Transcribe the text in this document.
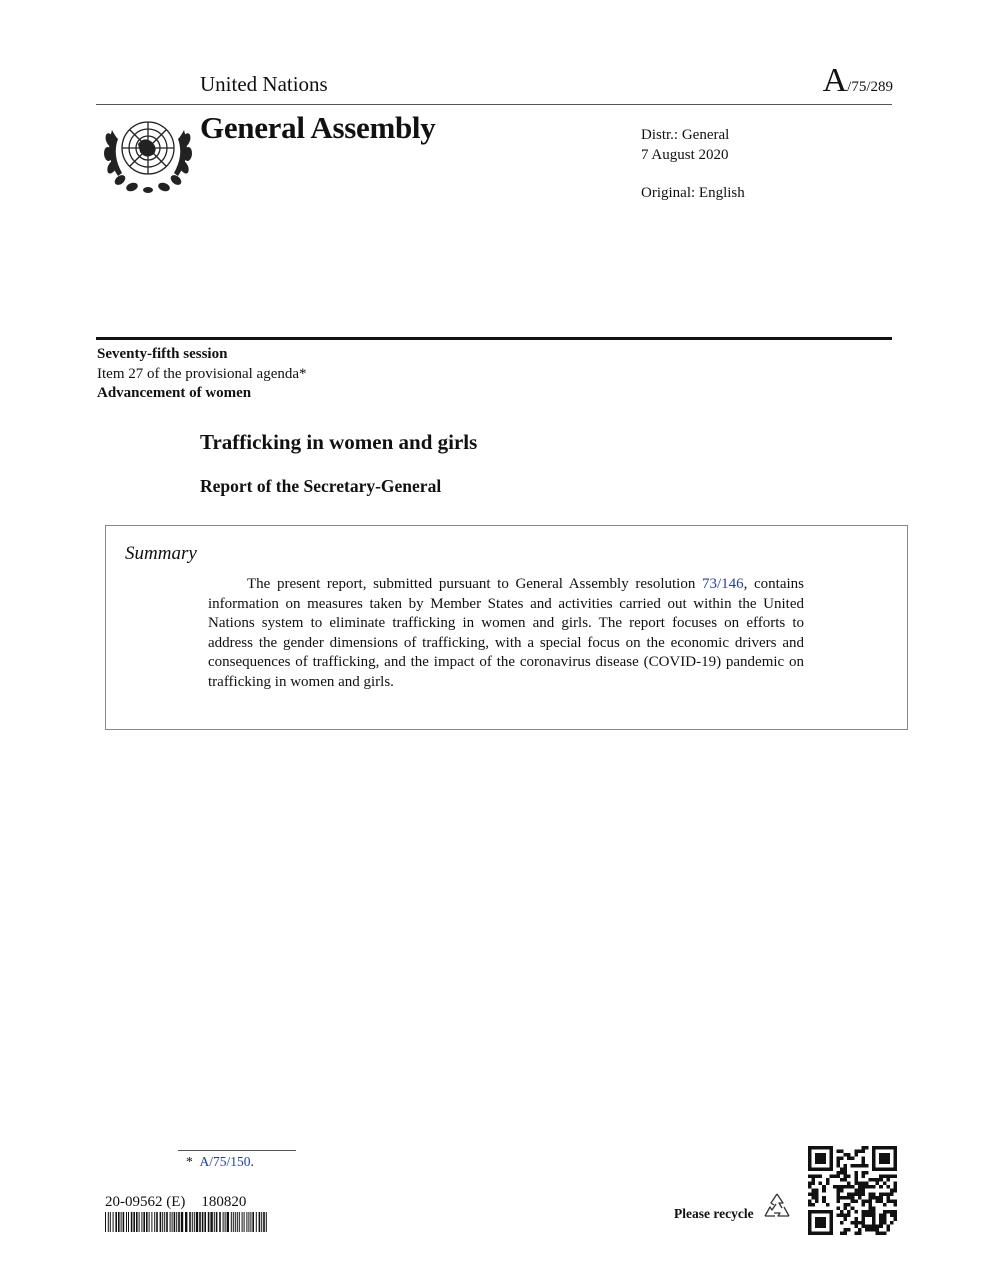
United Nations	A/75/289
General Assembly	Distr.: General
7 August 2020
Original: English
Seventy-fifth session
Item 27 of the provisional agenda*
Advancement of women
Trafficking in women and girls
Report of the Secretary-General
Summary
The present report, submitted pursuant to General Assembly resolution 73/146, contains information on measures taken by Member States and activities carried out within the United Nations system to eliminate trafficking in women and girls. The report focuses on efforts to address the gender dimensions of trafficking, with a special focus on the economic drivers and consequences of trafficking, and the impact of the coronavirus disease (COVID-19) pandemic on trafficking in women and girls.
* A/75/150.
20-09562 (E) 180820
Please recycle
